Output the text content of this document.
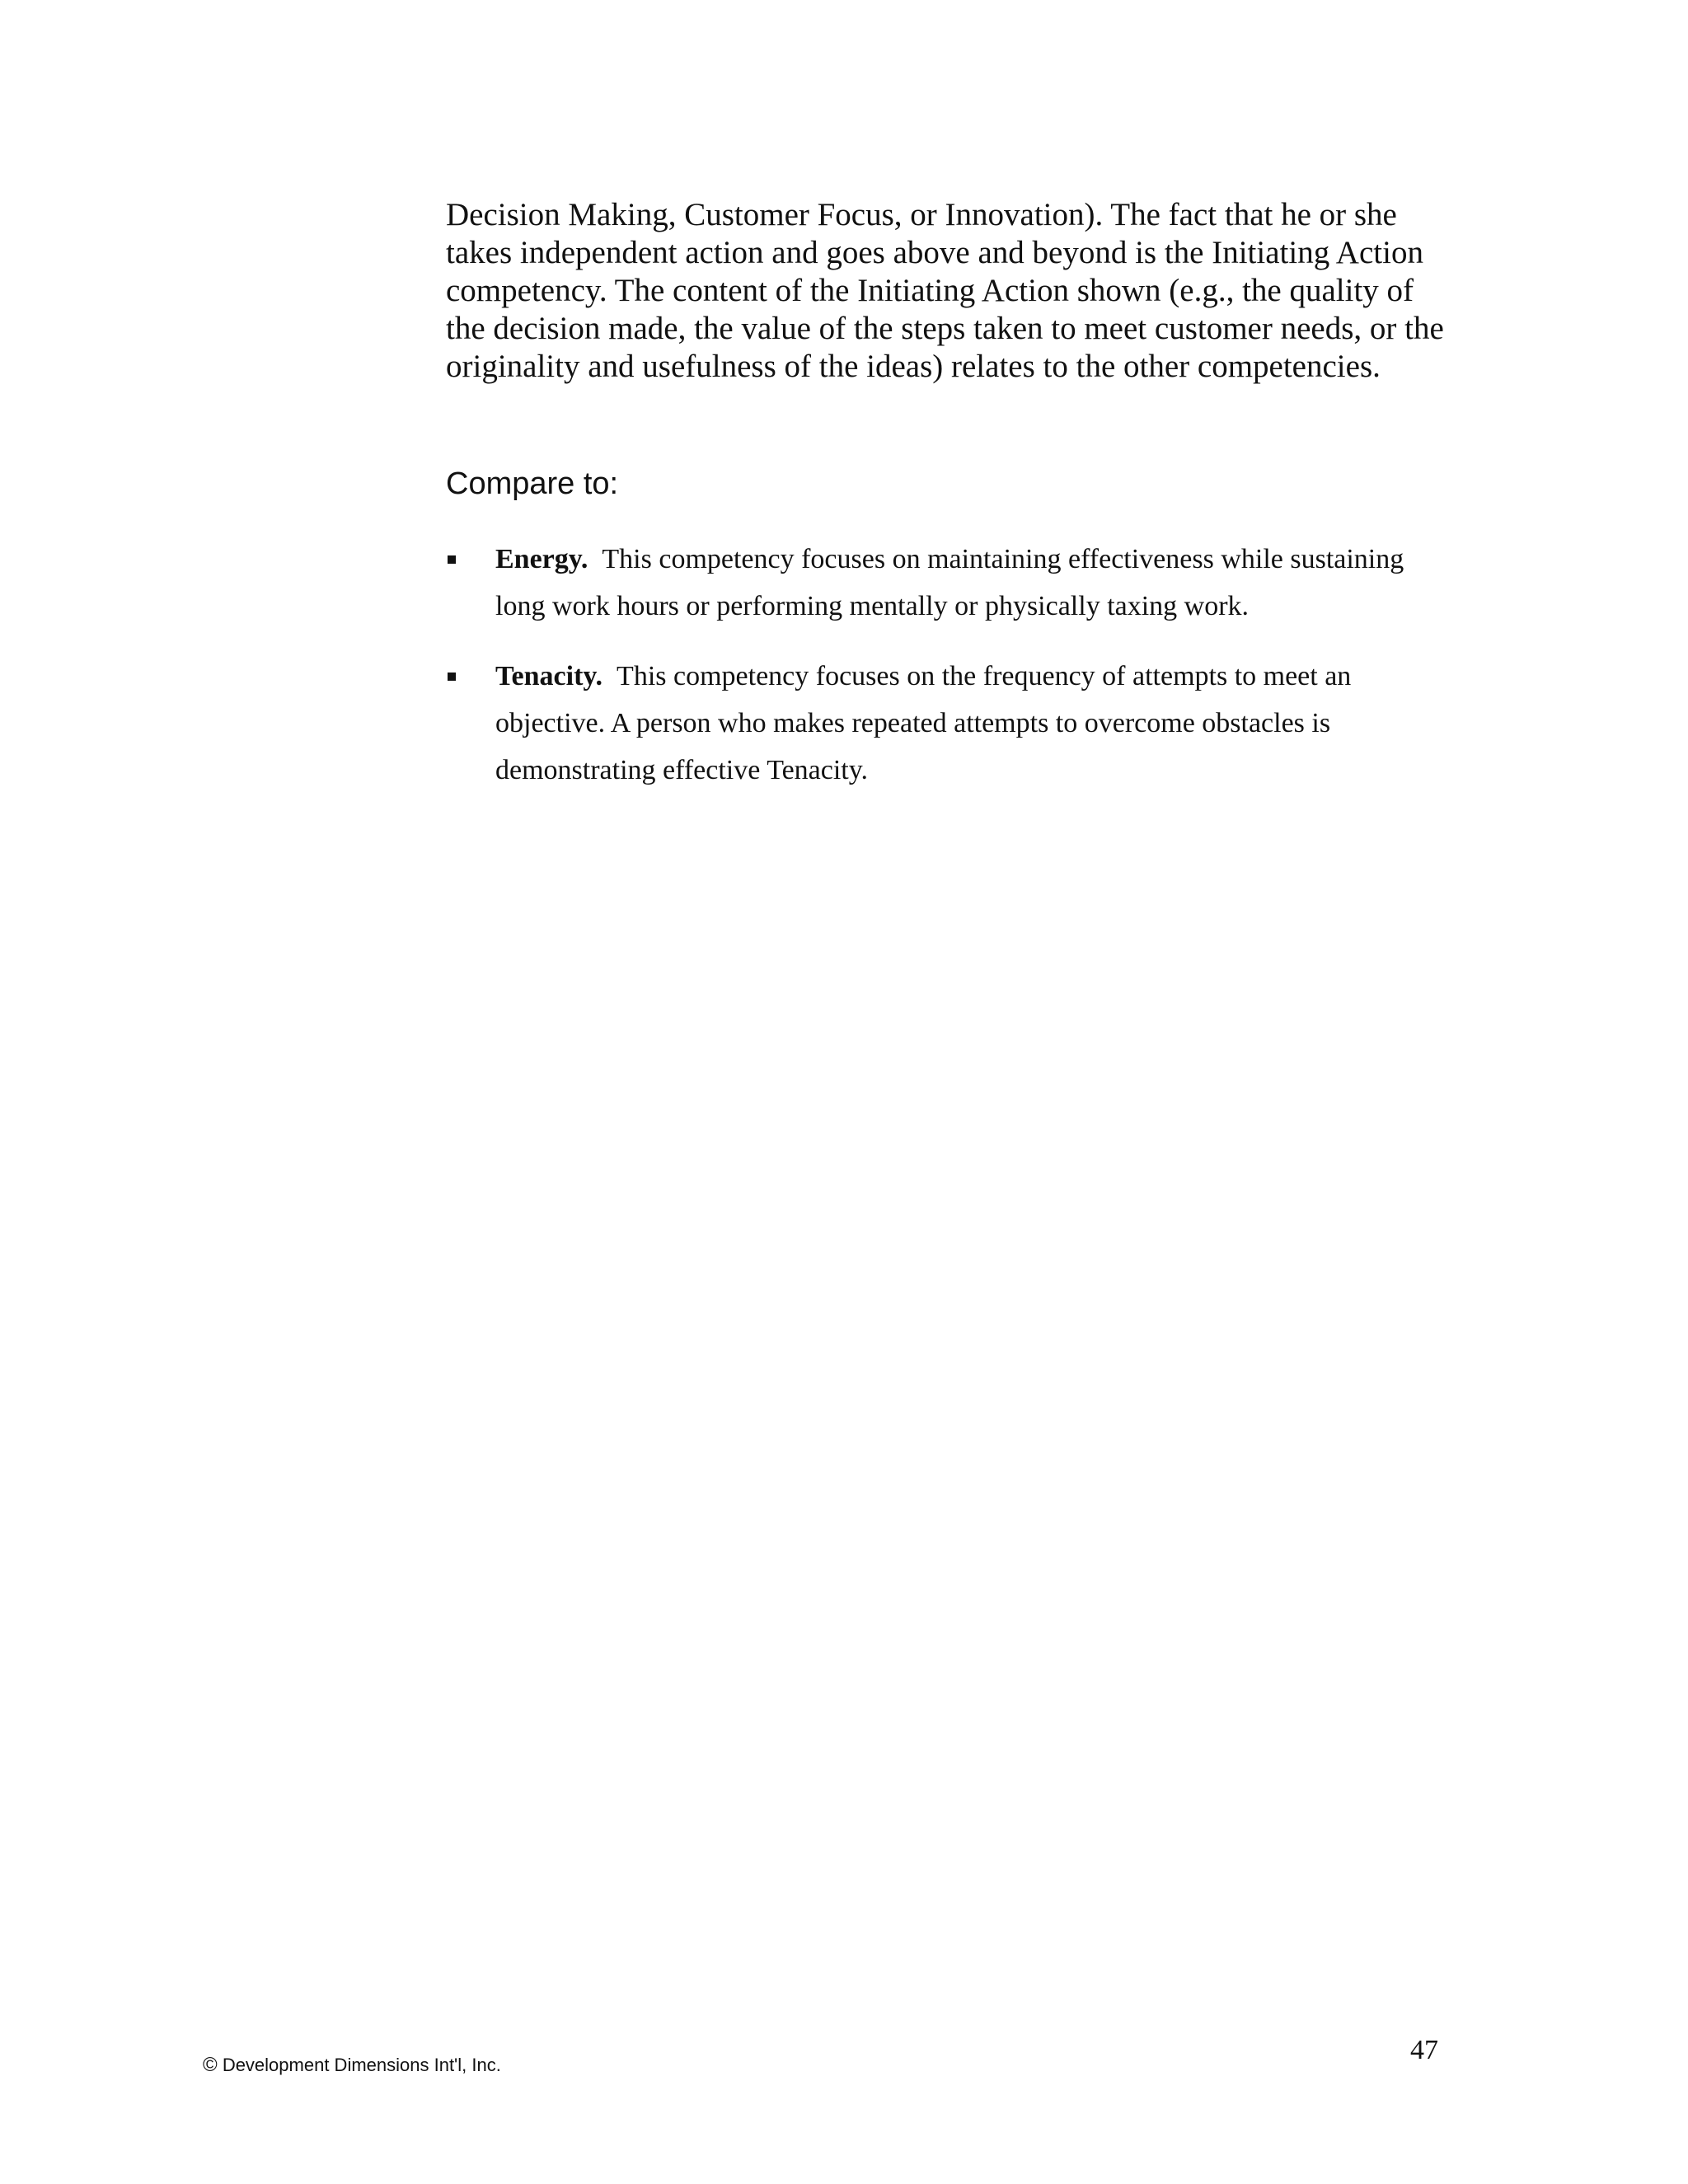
Decision Making, Customer Focus, or Innovation). The fact that he or she takes independent action and goes above and beyond is the Initiating Action competency. The content of the Initiating Action shown (e.g., the quality of the decision made, the value of the steps taken to meet customer needs, or the originality and usefulness of the ideas) relates to the other competencies.

Compare to:
Energy. This competency focuses on maintaining effectiveness while sustaining long work hours or performing mentally or physically taxing work.
Tenacity. This competency focuses on the frequency of attempts to meet an objective. A person who makes repeated attempts to overcome obstacles is demonstrating effective Tenacity.
© Development Dimensions Int'l, Inc.	47
